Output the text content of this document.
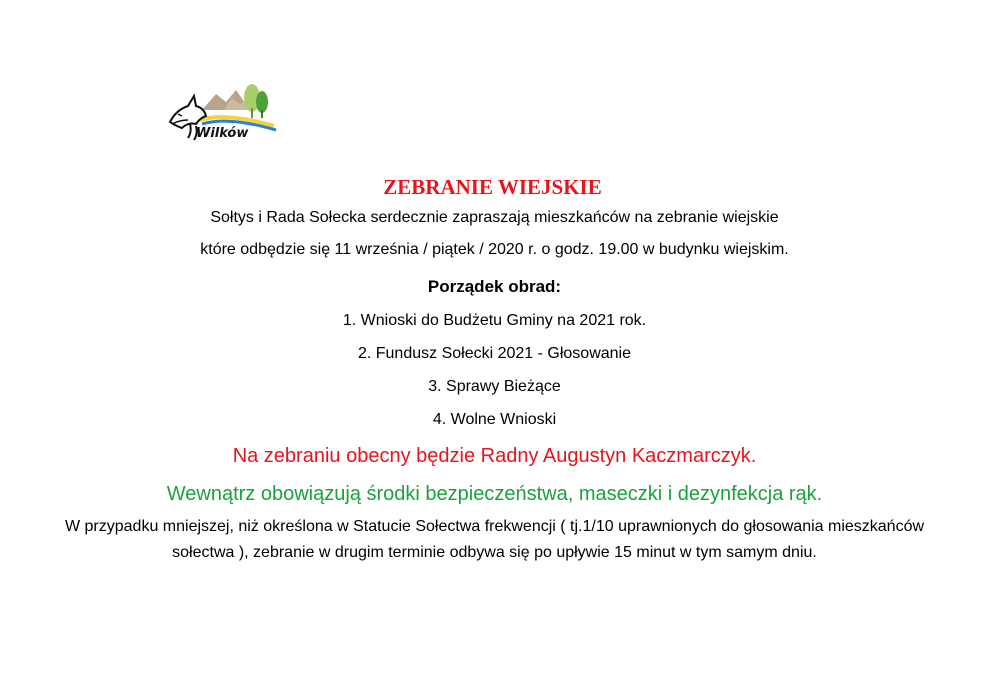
Wilków
ZEBRANIE WIEJSKIE
Sołtys i Rada Sołecka serdecznie zapraszają mieszkańców na zebranie wiejskie
które odbędzie się 11 września / piątek / 2020 r. o godz. 19.00 w budynku wiejskim.
Porządek obrad:
1. Wnioski do Budżetu Gminy na 2021 rok.
2. Fundusz Sołecki 2021 - Głosowanie
3. Sprawy Bieżące
4. Wolne Wnioski
Na zebraniu obecny będzie Radny Augustyn Kaczmarczyk.
Wewnątrz obowiązują środki bezpieczeństwa, maseczki i dezynfekcja rąk.
W przypadku mniejszej, niż określona w Statucie Sołectwa frekwencji ( tj.1/10 uprawnionych do głosowania mieszkańców sołectwa ), zebranie w drugim terminie odbywa się po upływie 15 minut w tym samym dniu.
